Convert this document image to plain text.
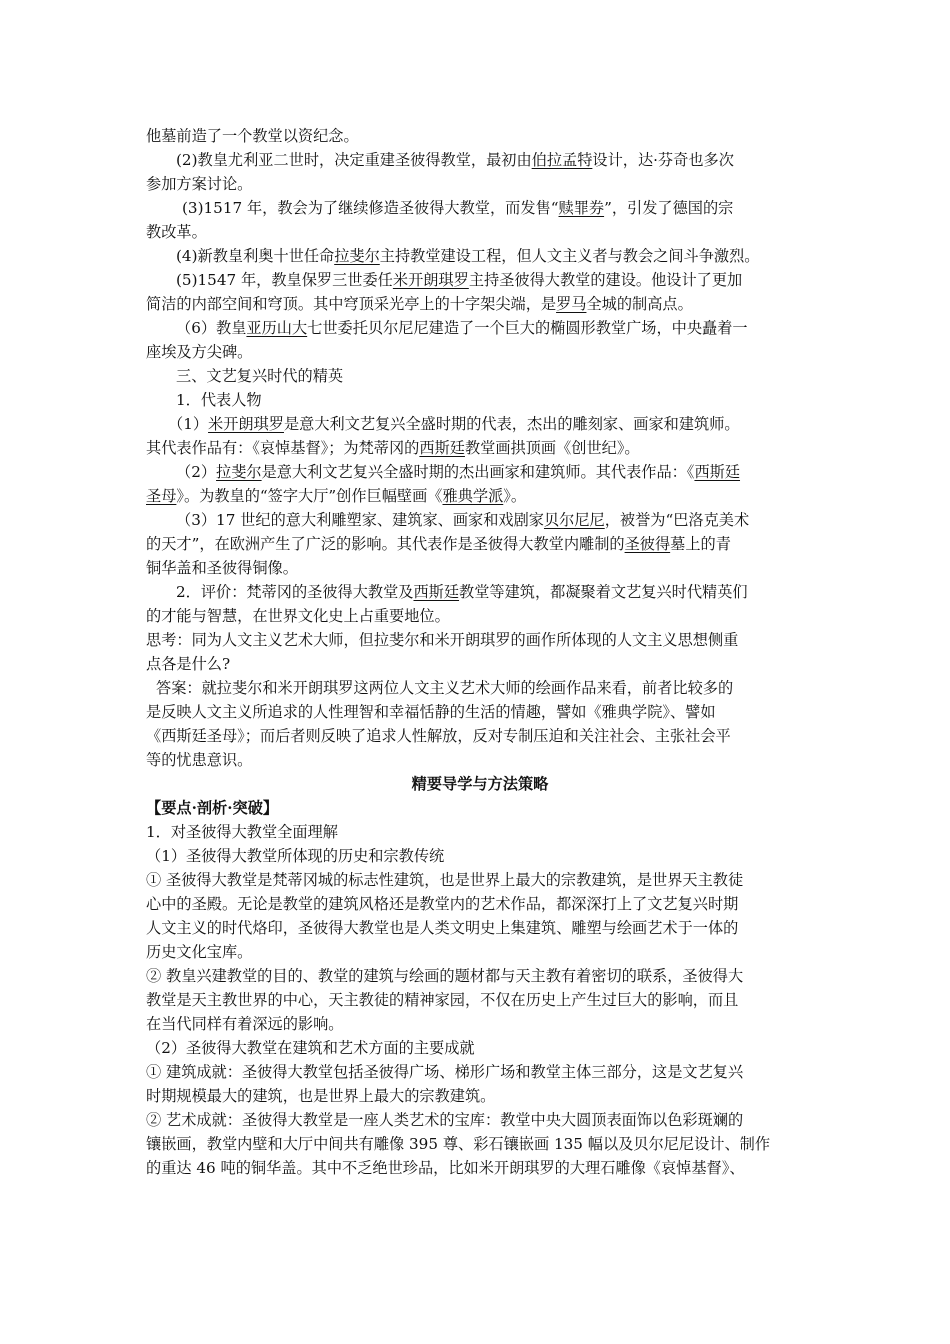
他墓前造了一个教堂以资纪念。
(2)教皇尤利亚二世时，决定重建圣彼得教堂，最初由伯拉孟特设计，达·芬奇也多次
参加方案讨论。
(3)1517 年，教会为了继续修造圣彼得大教堂，而发售“赎罪券”，引发了德国的宗
教改革。
(4)新教皇利奥十世任命拉斐尔主持教堂建设工程，但人文主义者与教会之间斗争激烈。
(5)1547 年，教皇保罗三世委任米开朗琪罗主持圣彼得大教堂的建设。他设计了更加
简洁的内部空间和穹顶。其中穹顶采光亭上的十字架尖端，是罗马全城的制高点。
（6）教皇亚历山大七世委托贝尔尼尼建造了一个巨大的椭圆形教堂广场，中央矗着一
座埃及方尖碑。
三、文艺复兴时代的精英
1．代表人物
（1）米开朗琪罗是意大利文艺复兴全盛时期的代表，杰出的雕刻家、画家和建筑师。
其代表作品有：《哀悼基督》；为梵蒂冈的西斯廷教堂画拱顶画《创世纪》。
（2）拉斐尔是意大利文艺复兴全盛时期的杰出画家和建筑师。其代表作品：《西斯廷
圣母》。为教皇的“签字大厅”创作巨幅壁画《雅典学派》。
（3）17 世纪的意大利雕塑家、建筑家、画家和戏剧家贝尔尼尼，被誉为“巴洛克美术
的天才”，在欧洲产生了广泛的影响。其代表作是圣彼得大教堂内雕制的圣彼得墓上的青
铜华盖和圣彼得铜像。
2．评价：梵蒂冈的圣彼得大教堂及西斯廷教堂等建筑，都凝聚着文艺复兴时代精英们
的才能与智慧，在世界文化史上占重要地位。
思考：同为人文主义艺术大师，但拉斐尔和米开朗琪罗的画作所体现的人文主义思想侧重
点各是什么?
答案：就拉斐尔和米开朗琪罗这两位人文主义艺术大师的绘画作品来看，前者比较多的
是反映人文主义所追求的人性理智和幸福恬静的生活的情趣，譬如《雅典学院》、譬如
《西斯廷圣母》；而后者则反映了追求人性解放，反对专制压迫和关注社会、主张社会平
等的忧患意识。
精要导学与方法策略
【要点·剖析·突破】
1．对圣彼得大教堂全面理解
（1）圣彼得大教堂所体现的历史和宗教传统
① 圣彼得大教堂是梵蒂冈城的标志性建筑，也是世界上最大的宗教建筑，是世界天主教徒
心中的圣殿。无论是教堂的建筑风格还是教堂内的艺术作品，都深深打上了文艺复兴时期
人文主义的时代烙印，圣彼得大教堂也是人类文明史上集建筑、雕塑与绘画艺术于一体的
历史文化宝库。
② 教皇兴建教堂的目的、教堂的建筑与绘画的题材都与天主教有着密切的联系，圣彼得大
教堂是天主教世界的中心，天主教徒的精神家园，不仅在历史上产生过巨大的影响，而且
在当代同样有着深远的影响。
（2）圣彼得大教堂在建筑和艺术方面的主要成就
① 建筑成就：圣彼得大教堂包括圣彼得广场、梯形广场和教堂主体三部分，这是文艺复兴
时期规模最大的建筑，也是世界上最大的宗教建筑。
② 艺术成就：圣彼得大教堂是一座人类艺术的宝库：教堂中央大圆顶表面饰以色彩斑斓的
镶嵌画，教堂内壁和大厅中间共有雕像 395 尊、彩石镶嵌画 135 幅以及贝尔尼尼设计、制作
的重达 46 吨的铜华盖。其中不乏绝世珍品，比如米开朗琪罗的大理石雕像《哀悼基督》、
